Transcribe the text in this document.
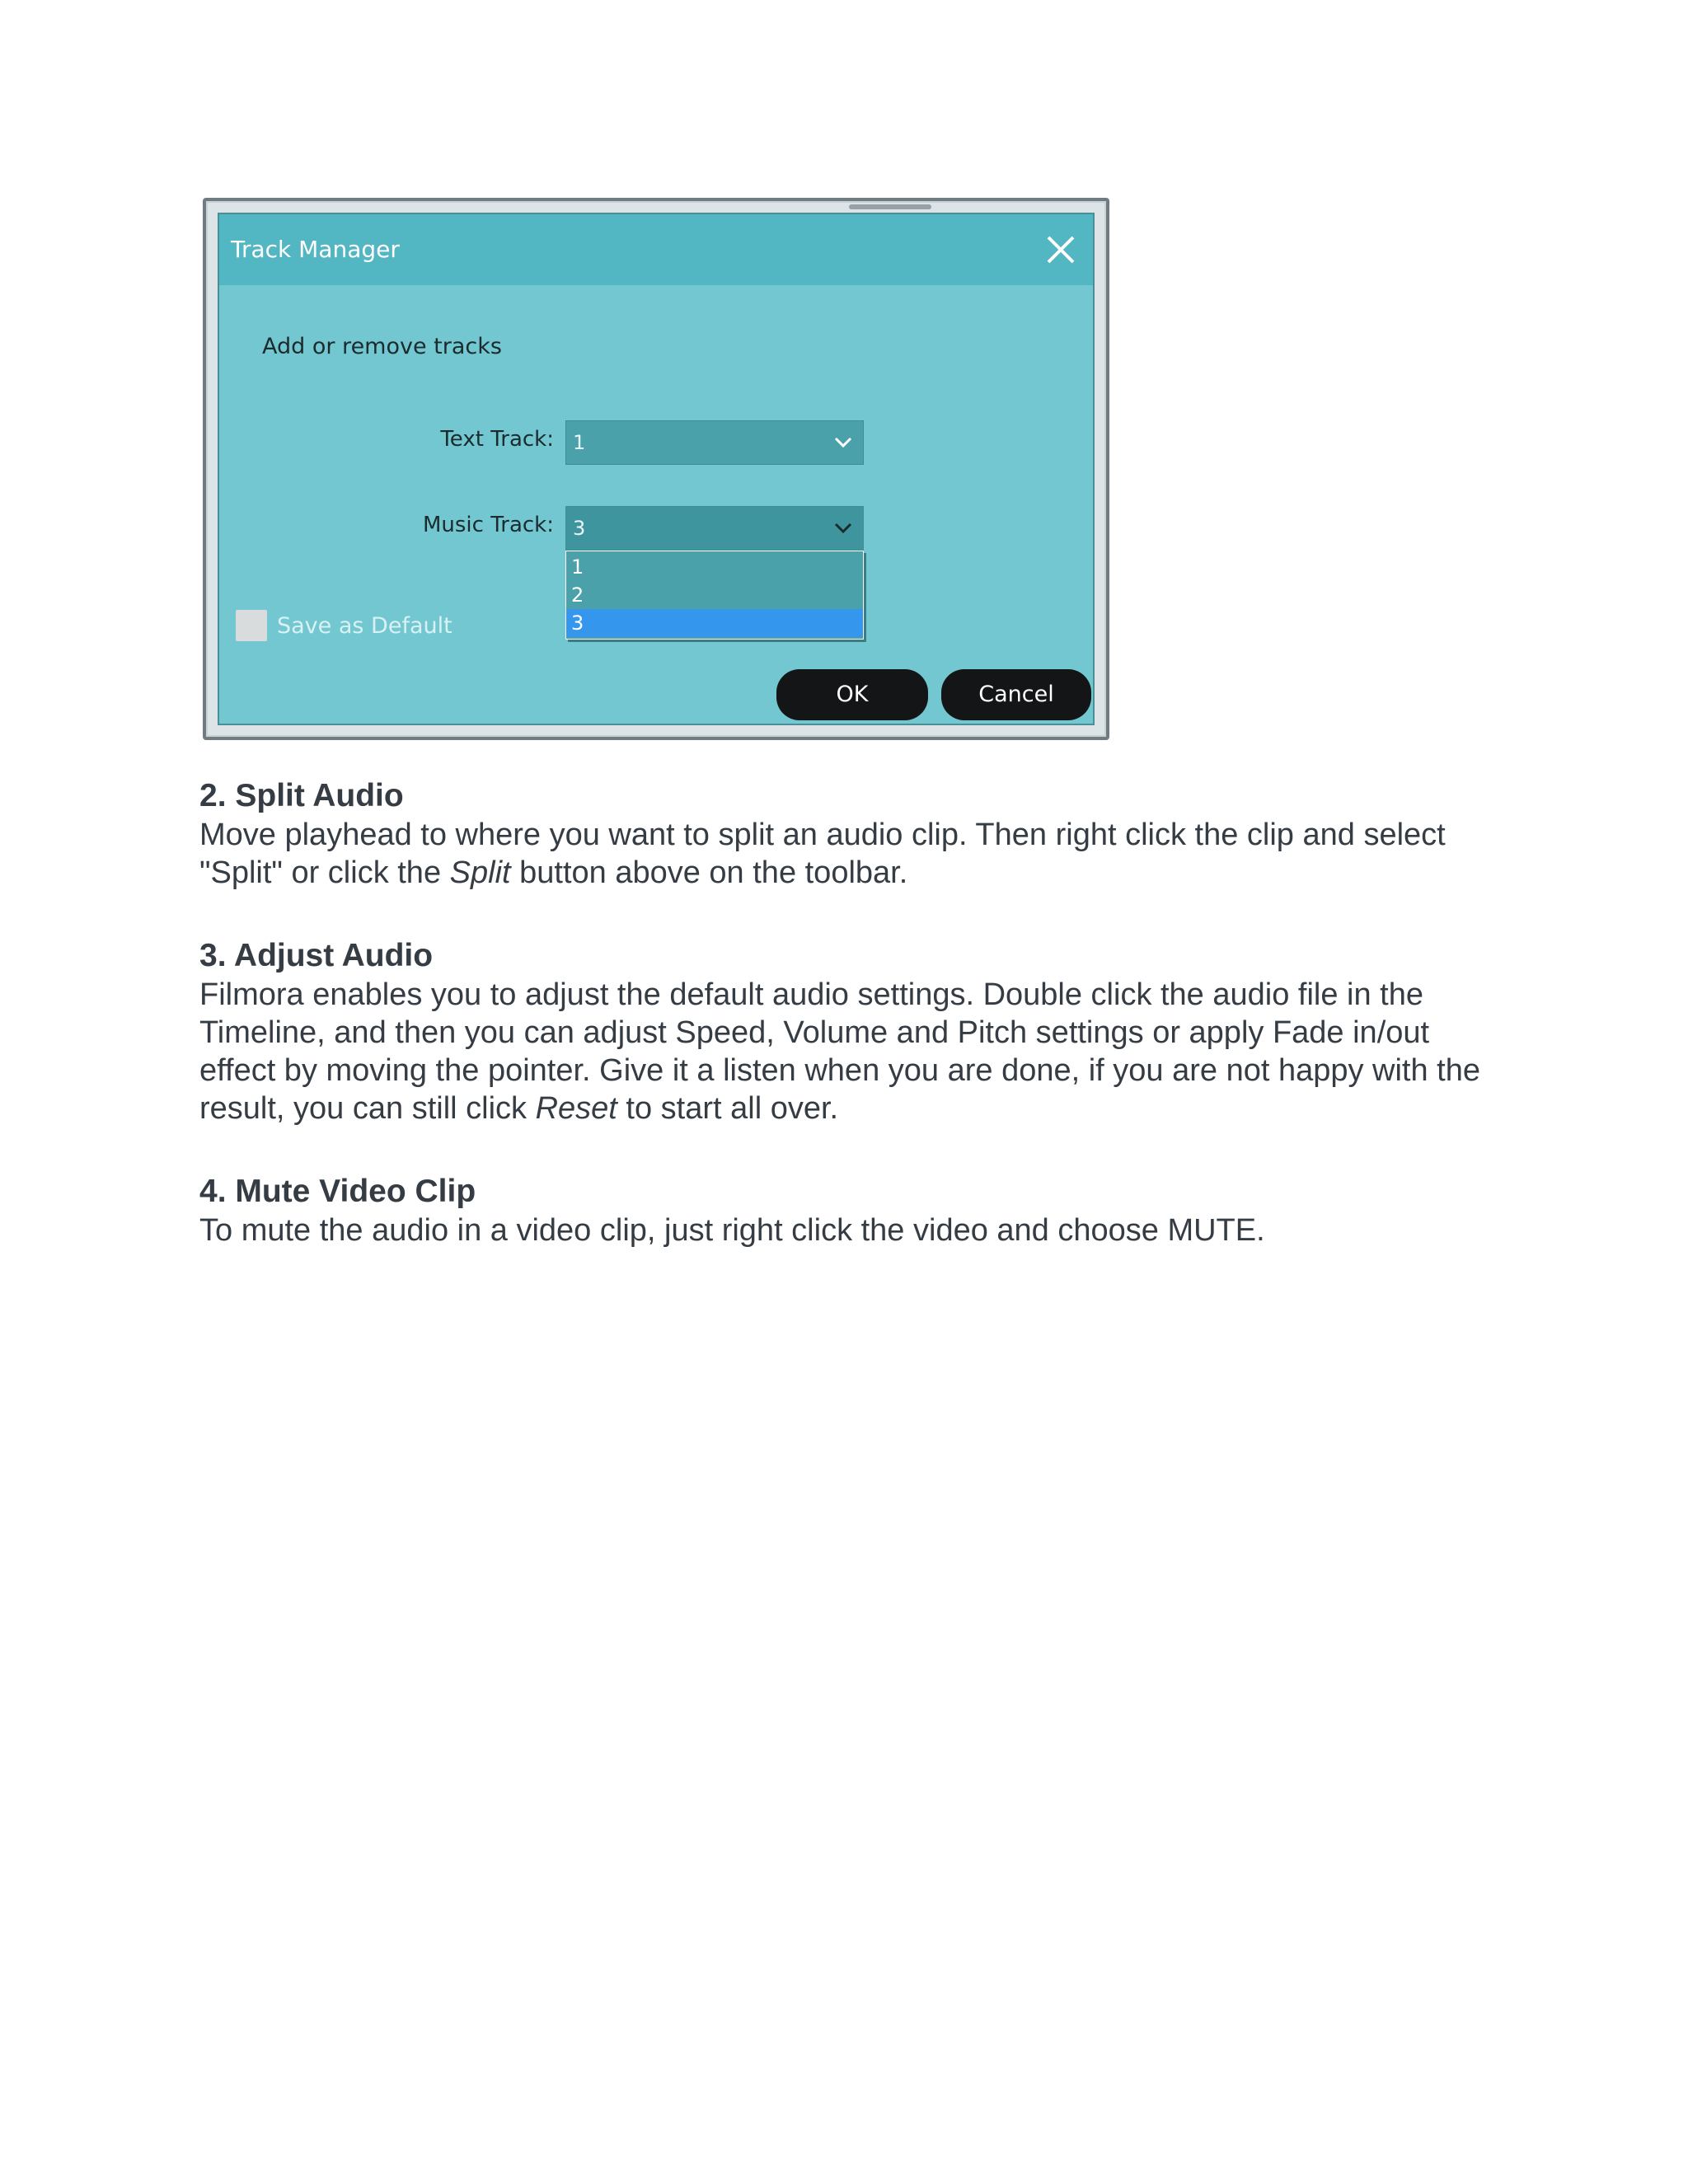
Track Manager
Add or remove tracks
Text Track: 1
Music Track: 3
1
2
3
Save as Default
OK	Cancel

2. Split Audio

Move playhead to where you want to split an audio clip. Then right click the clip and select "Split" or click the Split button above on the toolbar.

3. Adjust Audio

Filmora enables you to adjust the default audio settings. Double click the audio file in the Timeline, and then you can adjust Speed, Volume and Pitch settings or apply Fade in/out effect by moving the pointer. Give it a listen when you are done, if you are not happy with the result, you can still click Reset to start all over.

4. Mute Video Clip

To mute the audio in a video clip, just right click the video and choose MUTE.
